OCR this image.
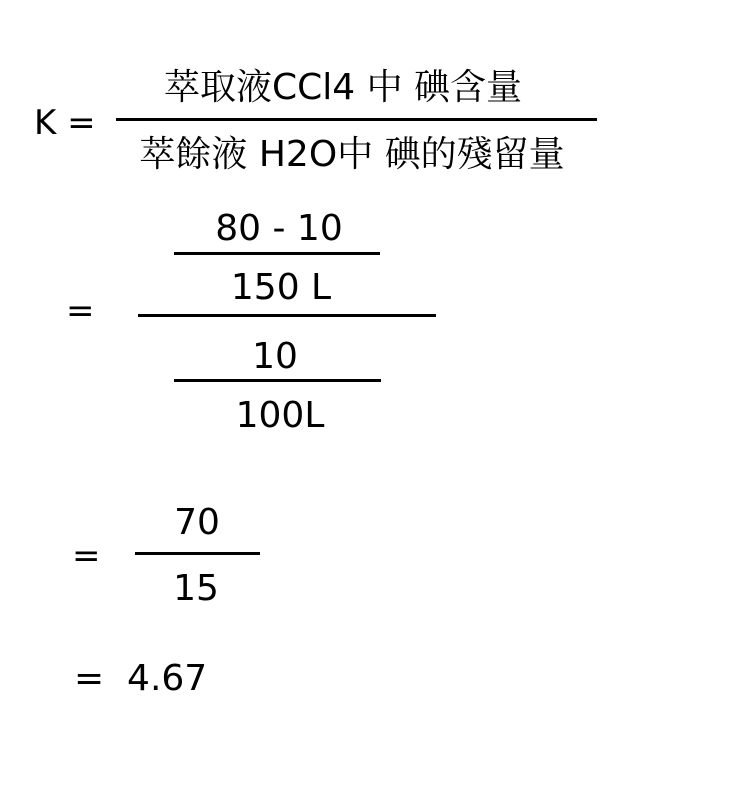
K =
萃取液CCl4 中 碘含量
萃餘液 H2O中 碘的殘留量
=
80 - 10
150 L
10
100L
=
70
15
=  4.67
